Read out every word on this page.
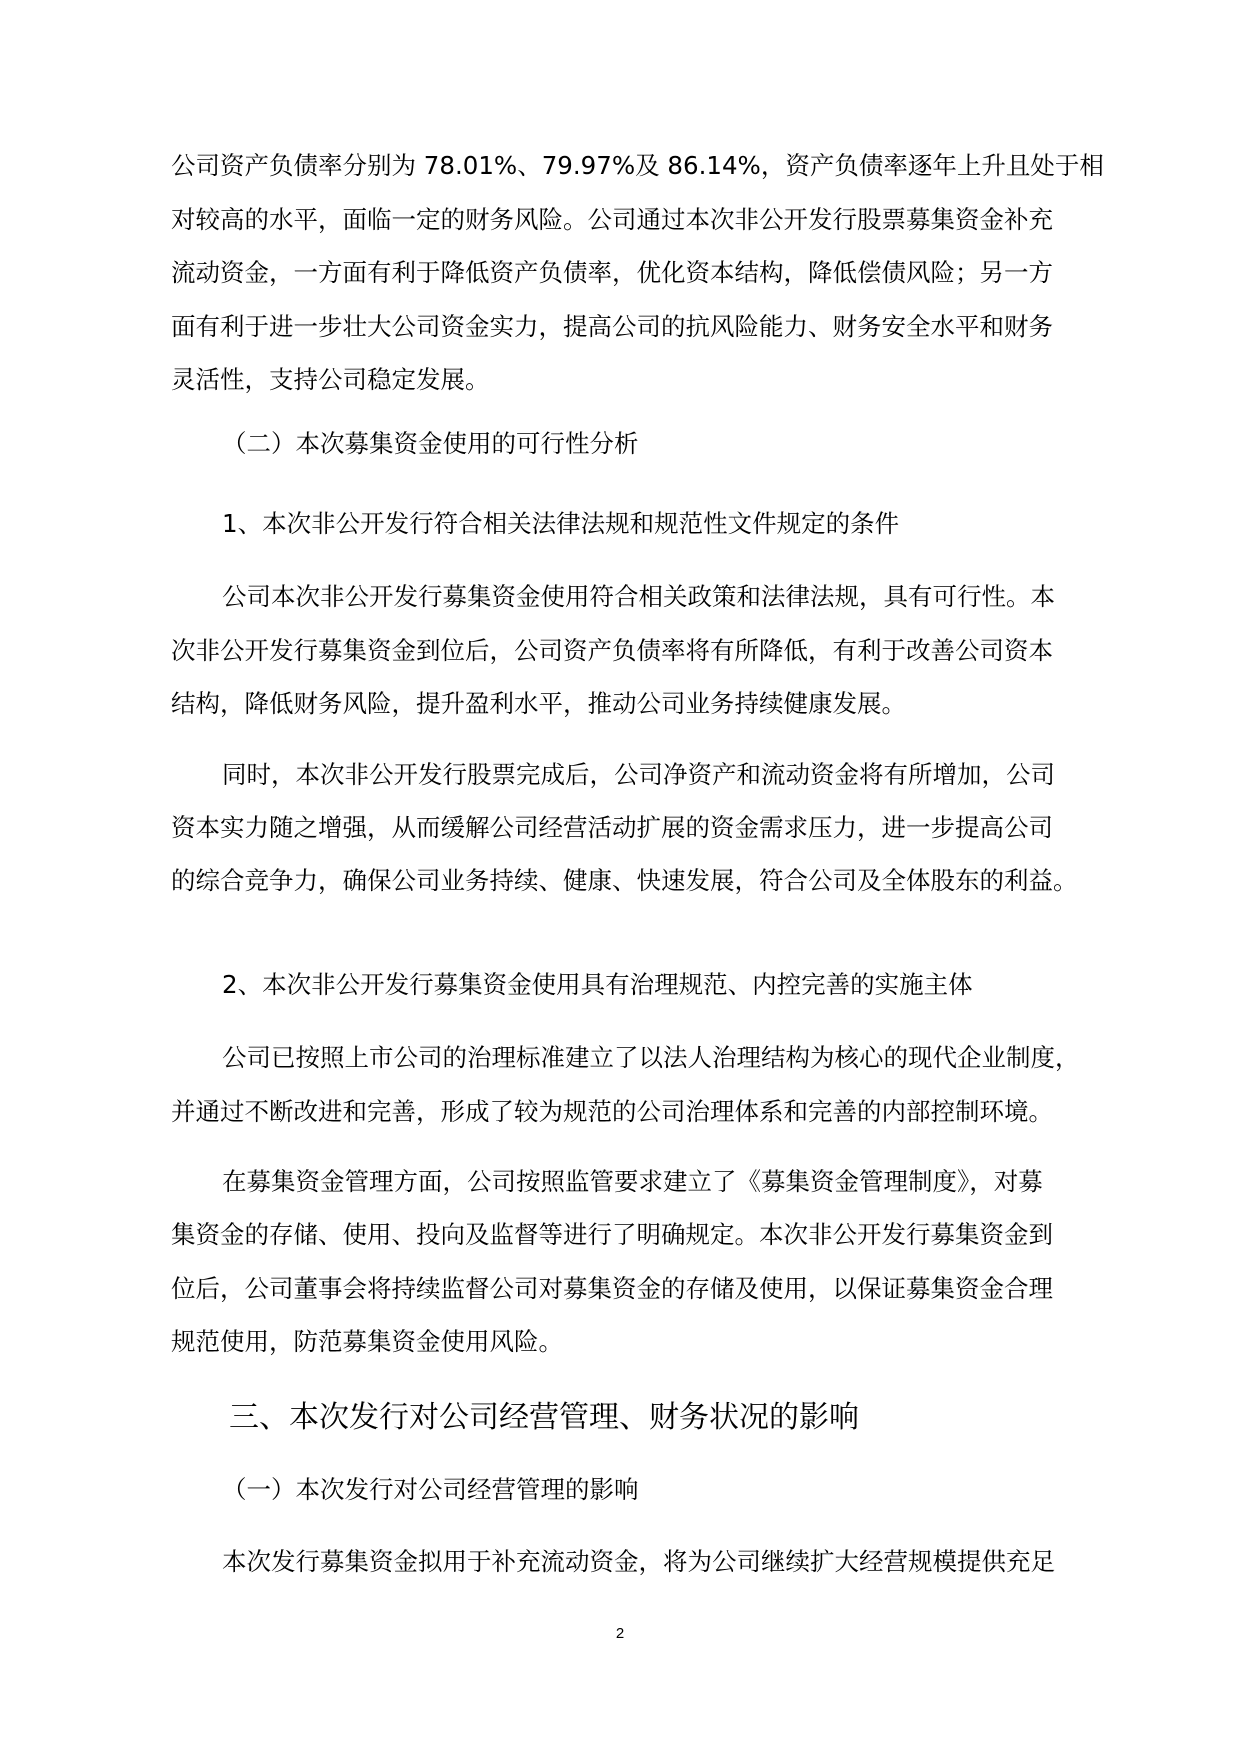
公司资产负债率分别为 78.01%、79.97%及 86.14%，资产负债率逐年上升且处于相

对较高的水平，面临一定的财务风险。公司通过本次非公开发行股票募集资金补充

流动资金，一方面有利于降低资产负债率，优化资本结构，降低偿债风险；另一方

面有利于进一步壮大公司资金实力，提高公司的抗风险能力、财务安全水平和财务

灵活性，支持公司稳定发展。

（二）本次募集资金使用的可行性分析

1、本次非公开发行符合相关法律法规和规范性文件规定的条件

公司本次非公开发行募集资金使用符合相关政策和法律法规，具有可行性。本

次非公开发行募集资金到位后，公司资产负债率将有所降低，有利于改善公司资本

结构，降低财务风险，提升盈利水平，推动公司业务持续健康发展。

同时，本次非公开发行股票完成后，公司净资产和流动资金将有所增加，公司

资本实力随之增强，从而缓解公司经营活动扩展的资金需求压力，进一步提高公司

的综合竞争力，确保公司业务持续、健康、快速发展，符合公司及全体股东的利益。

2、本次非公开发行募集资金使用具有治理规范、内控完善的实施主体

公司已按照上市公司的治理标准建立了以法人治理结构为核心的现代企业制度，

并通过不断改进和完善，形成了较为规范的公司治理体系和完善的内部控制环境。

在募集资金管理方面，公司按照监管要求建立了《募集资金管理制度》，对募

集资金的存储、使用、投向及监督等进行了明确规定。本次非公开发行募集资金到

位后，公司董事会将持续监督公司对募集资金的存储及使用，以保证募集资金合理

规范使用，防范募集资金使用风险。

三、本次发行对公司经营管理、财务状况的影响

（一）本次发行对公司经营管理的影响

本次发行募集资金拟用于补充流动资金，将为公司继续扩大经营规模提供充足

2
